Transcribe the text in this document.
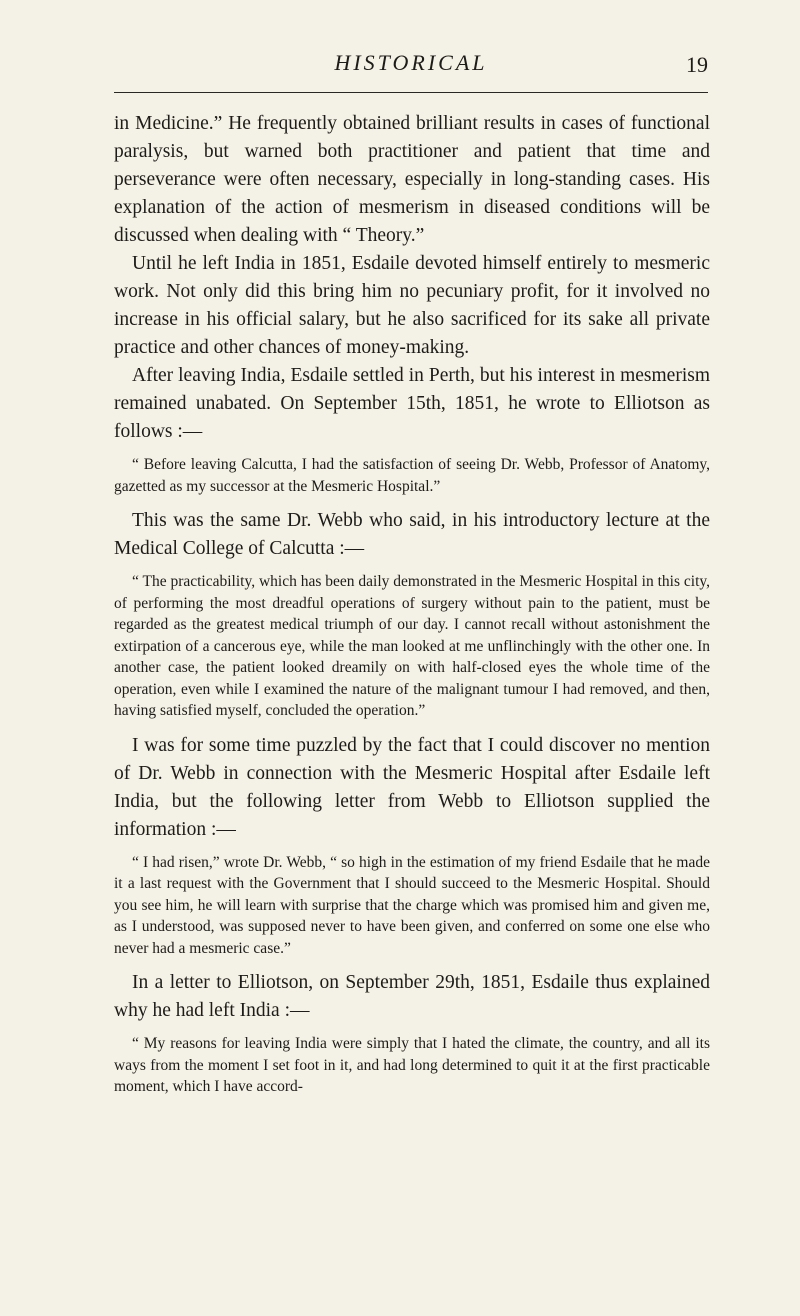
HISTORICAL	19

in Medicine.” He frequently obtained brilliant results in cases of functional paralysis, but warned both practitioner and patient that time and perseverance were often necessary, especially in long-standing cases. His explanation of the action of mesmerism in diseased conditions will be discussed when dealing with “ Theory.”

Until he left India in 1851, Esdaile devoted himself entirely to mesmeric work. Not only did this bring him no pecuniary profit, for it involved no increase in his official salary, but he also sacrificed for its sake all private practice and other chances of money-making.

After leaving India, Esdaile settled in Perth, but his interest in mesmerism remained unabated. On September 15th, 1851, he wrote to Elliotson as follows :—

“ Before leaving Calcutta, I had the satisfaction of seeing Dr. Webb, Professor of Anatomy, gazetted as my successor at the Mesmeric Hospital.”

This was the same Dr. Webb who said, in his introductory lecture at the Medical College of Calcutta :—

“ The practicability, which has been daily demonstrated in the Mesmeric Hospital in this city, of performing the most dreadful operations of surgery without pain to the patient, must be regarded as the greatest medical triumph of our day. I cannot recall without astonishment the extirpation of a cancerous eye, while the man looked at me unflinchingly with the other one. In another case, the patient looked dreamily on with half-closed eyes the whole time of the operation, even while I examined the nature of the malignant tumour I had removed, and then, having satisfied myself, concluded the operation.”

I was for some time puzzled by the fact that I could discover no mention of Dr. Webb in connection with the Mesmeric Hospital after Esdaile left India, but the following letter from Webb to Elliotson supplied the information :—

“ I had risen,” wrote Dr. Webb, “ so high in the estimation of my friend Esdaile that he made it a last request with the Government that I should succeed to the Mesmeric Hospital. Should you see him, he will learn with surprise that the charge which was promised him and given me, as I understood, was supposed never to have been given, and conferred on some one else who never had a mesmeric case.”

In a letter to Elliotson, on September 29th, 1851, Esdaile thus explained why he had left India :—

“ My reasons for leaving India were simply that I hated the climate, the country, and all its ways from the moment I set foot in it, and had long determined to quit it at the first practicable moment, which I have accord-
